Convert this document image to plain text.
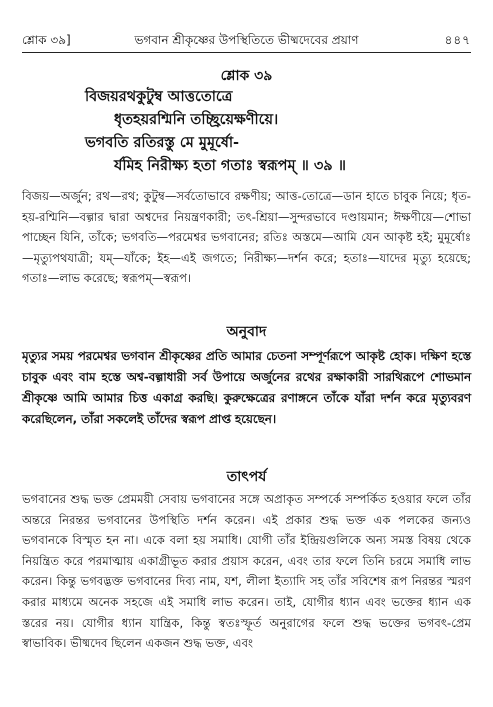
শ্লোক ৩৯]	ভগবান শ্রীকৃষ্ণের উপস্থিতিতে ভীষ্মদেবের প্রয়াণ	৪৪৭
শ্লোক ৩৯
বিজয়রথকুটুম্ব আত্ততোত্রে
ধৃতহয়রশ্মিনি তচ্ছ্রিয়েক্ষণীয়ে।
ভগবতি রতিরস্তু মে মুমূর্ষো-
র্যমিহ নিরীক্ষ্য হতা গতাঃ স্বরূপম্ ॥ ৩৯ ॥
বিজয়—অর্জুন; রথ—রথ; কুটুম্ব—সর্বতোভাবে রক্ষণীয়; আত্ত-তোত্রে—ডান হাতে চাবুক নিয়ে; ধৃত-হয়-রশ্মিনি—বল্গার দ্বারা অশ্বদের নিয়ন্ত্রণকারী; তৎ-শ্রিয়া—সুন্দরভাবে দণ্ডায়মান; ঈক্ষণীয়ে—শোভা পাচ্ছেন যিনি, তাঁকে; ভগবতি—পরমেশ্বর ভগবানের; রতিঃ অস্তমে—আমি যেন আকৃষ্ট হই; মুমূর্ষোঃ—মৃত্যুপথযাত্রী; যম্—যাঁকে; ইহ—এই জগতে; নিরীক্ষ্য—দর্শন করে; হতাঃ—যাদের মৃত্যু হয়েছে; গতাঃ—লাভ করেছে; স্বরূপম্—স্বরূপ।
অনুবাদ
মৃত্যুর সময় পরমেশ্বর ভগবান শ্রীকৃষ্ণের প্রতি আমার চেতনা সম্পূর্ণরূপে আকৃষ্ট হোক। দক্ষিণ হস্তে চাবুক এবং বাম হস্তে অশ্ব-বল্গাধারী সর্ব উপায়ে অর্জুনের রথের রক্ষাকারী সারথিরূপে শোভমান শ্রীকৃষ্ণে আমি আমার চিত্ত একাগ্র করছি। কুরুক্ষেত্রের রণাঙ্গনে তাঁকে যাঁরা দর্শন করে মৃত্যুবরণ করেছিলেন, তাঁরা সকলেই তাঁদের স্বরূপ প্রাপ্ত হয়েছেন।
তাৎপর্য
ভগবানের শুদ্ধ ভক্ত প্রেমময়ী সেবায় ভগবানের সঙ্গে অপ্রাকৃত সম্পর্কে সম্পর্কিত হওয়ার ফলে তাঁর অন্তরে নিরন্তর ভগবানের উপস্থিতি দর্শন করেন। এই প্রকার শুদ্ধ ভক্ত এক পলকের জন্যও ভগবানকে বিস্মৃত হন না। একে বলা হয় সমাধি। যোগী তাঁর ইন্দ্রিয়গুলিকে অন্য সমস্ত বিষয় থেকে নিয়ন্ত্রিত করে পরমাত্মায় একাগ্রীভূত করার প্রয়াস করেন, এবং তার ফলে তিনি চরমে সমাধি লাভ করেন। কিন্তু ভগবদ্ভক্ত ভগবানের দিব্য নাম, যশ, লীলা ইত্যাদি সহ তাঁর সবিশেষ রূপ নিরন্তর স্মরণ করার মাধ্যমে অনেক সহজে এই সমাধি লাভ করেন। তাই, যোগীর ধ্যান এবং ভক্তের ধ্যান এক স্তরের নয়। যোগীর ধ্যান যান্ত্রিক, কিন্তু স্বতঃস্ফূর্ত অনুরাগের ফলে শুদ্ধ ভক্তের ভগবৎ-প্রেম স্বাভাবিক। ভীষ্মদেব ছিলেন একজন শুদ্ধ ভক্ত, এবং
